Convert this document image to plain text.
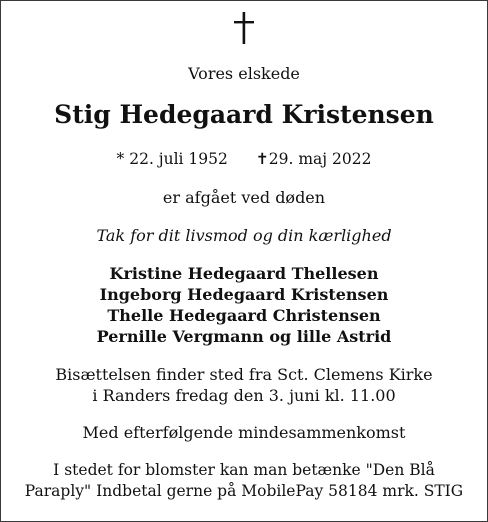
Vores elskede
Stig Hedegaard Kristensen
* 22. juli 1952 ✝29. maj 2022
er afgået ved døden
Tak for dit livsmod og din kærlighed
Kristine Hedegaard Thellesen
Ingeborg Hedegaard Kristensen
Thelle Hedegaard Christensen
Pernille Vergmann og lille Astrid
Bisættelsen finder sted fra Sct. Clemens Kirke
i Randers fredag den 3. juni kl. 11.00
Med efterfølgende mindesammenkomst
I stedet for blomster kan man betænke "Den Blå
Paraply" Indbetal gerne på MobilePay 58184 mrk. STIG
